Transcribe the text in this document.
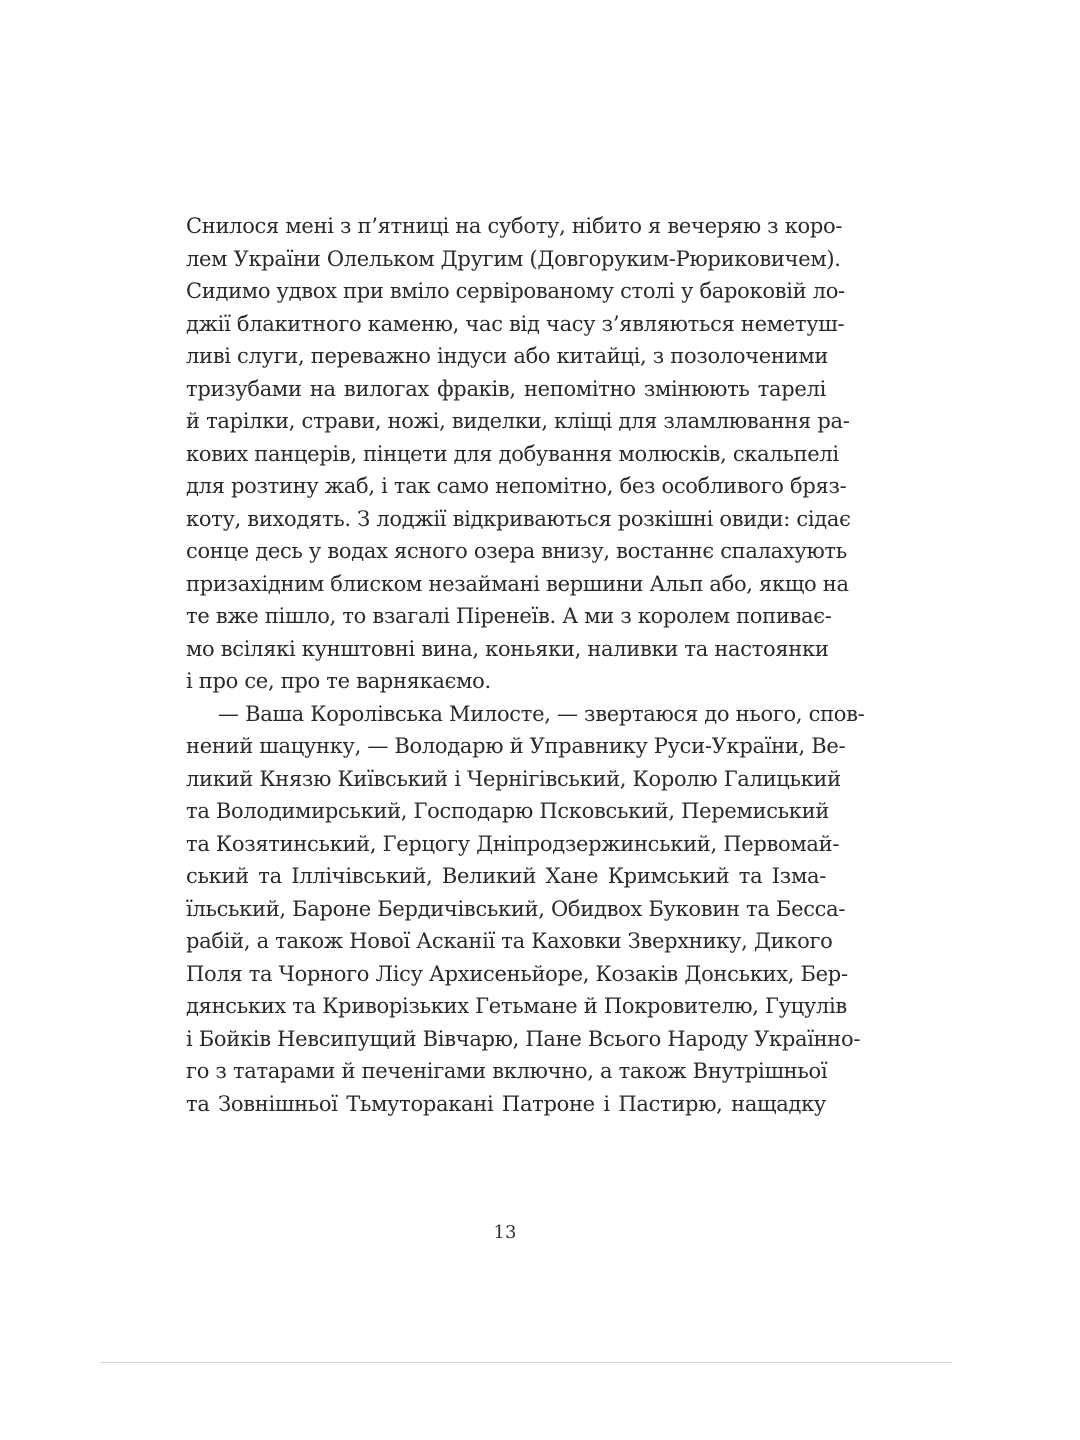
Снилося мені з п’ятниці на суботу, нібито я вечеряю з коро-
лем України Олельком Другим (Довгоруким-Рюриковичем).
Сидимо удвох при вміло сервірованому столі у бароковій ло-
джії блакитного каменю, час від часу з’являються неметуш-
ливі слуги, переважно індуси або китайці, з позолоченими
тризубами на вилогах фраків, непомітно змінюють тарелі
й тарілки, страви, ножі, виделки, кліщі для зламлювання ра-
кових панцерів, пінцети для добування молюсків, скальпелі
для розтину жаб, і так само непомітно, без особливого бряз-
коту, виходять. З лоджії відкриваються розкішні овиди: сідає
сонце десь у водах ясного озера внизу, востаннє спалахують
призахідним блиском незаймані вершини Альп або, якщо на
те вже пішло, то взагалі Піренеїв. А ми з королем попиває-
мо всілякі кунштовні вина, коньяки, наливки та настоянки
і про се, про те варнякаємо.
— Ваша Королівська Милосте, — звертаюся до нього, спов-
нений шацунку, — Володарю й Управнику Руси-України, Ве-
ликий Князю Київський і Чернігівський, Королю Галицький
та Володимирський, Господарю Псковський, Перемиський
та Козятинський, Герцогу Дніпродзержинський, Первомай-
ський та Іллічівський, Великий Хане Кримський та Ізма-
їльський, Бароне Бердичівський, Обидвох Буковин та Бесса-
рабій, а також Нової Асканії та Каховки Зверхнику, Дикого
Поля та Чорного Лісу Архисеньйоре, Козаків Донських, Бер-
дянських та Криворізьких Гетьмане й Покровителю, Гуцулів
і Бойків Невсипущий Вівчарю, Пане Всього Народу Українно-
го з татарами й печенігами включно, а також Внутрішньої
та Зовнішньої Тьмуторакані Патроне і Пастирю, нащадку
13
